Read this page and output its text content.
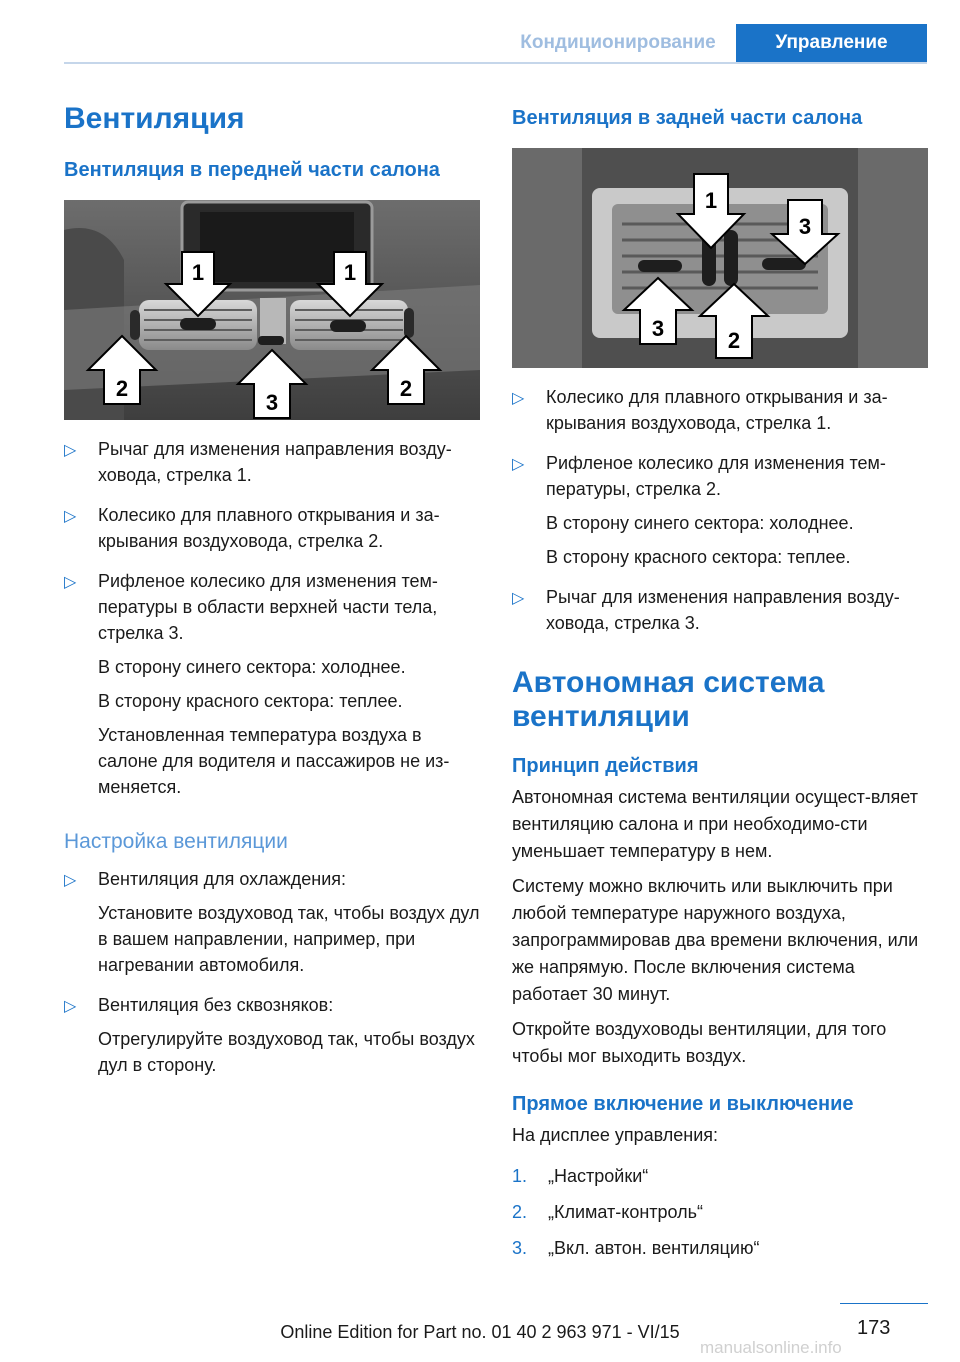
Кондиционирование	Управление
Вентиляция
Вентиляция в передней части салона
1	1
2
3
2
▷ Рычаг для изменения направления возду‐ховода, стрелка 1.

▷ Колесико для плавного открывания и за‐крывания воздуховода, стрелка 2.

▷ Рифленое колесико для изменения тем‐пературы в области верхней части тела, стрелка 3.

В сторону синего сектора: холоднее.

В сторону красного сектора: теплее.

Установленная температура воздуха в салоне для водителя и пассажиров не из‐меняется.

Настройка вентиляции
▷ Вентиляция для охлаждения:

Установите воздуховод так, чтобы воздух дул в вашем направлении, например, при нагревании автомобиля.

▷ Вентиляция без сквозняков:

Отрегулируйте воздуховод так, чтобы воздух дул в сторону.

Вентиляция в задней части салона
1
3
3	2
▷ Колесико для плавного открывания и за‐крывания воздуховода, стрелка 1.

▷ Рифленое колесико для изменения тем‐пературы, стрелка 2.

В сторону синего сектора: холоднее.

В сторону красного сектора: теплее.

▷ Рычаг для изменения направления возду‐ховода, стрелка 3.

Автономная система вентиляции
Принцип действия

Автономная система вентиляции осущест‐вляет вентиляцию салона и при необходимо‐сти уменьшает температуру в нем.

Систему можно включить или выключить при любой температуре наружного воздуха, запрограммировав два времени включения, или же напрямую. После включения система работает 30 минут.

Откройте воздуховоды вентиляции, для того чтобы мог выходить воздух.

Прямое включение и выключение

На дисплее управления:

1. „Настройки“
2. „Климат-контроль“
3. „Вкл. автон. вентиляцию“
173
Online Edition for Part no. 01 40 2 963 971 - VI/15
manualsonline.info
